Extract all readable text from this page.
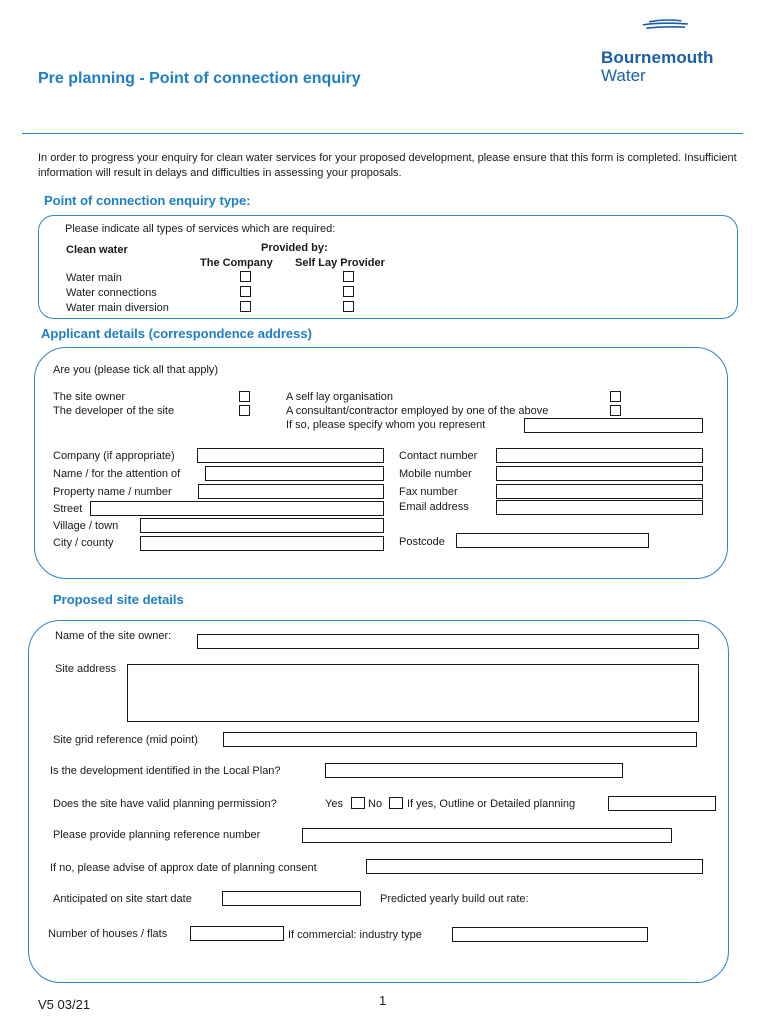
Pre planning - Point of connection enquiry
Bournemouth
Water
In order to progress your enquiry for clean water services for your proposed development, please ensure that this form is completed. Insufficient information will result in delays and difficulties in assessing your proposals.
Point of connection enquiry type:
Please indicate all types of services which are required:
Clean water	Provided by:
The Company Self Lay Provider
Water main
Water connections
Water main diversion
Applicant details (correspondence address)
Are you (please tick all that apply)
The site owner
The developer of the site
A self lay organisation
A consultant/contractor employed by one of the above
If so, please specify whom you represent
Company (if appropriate)
Name / for the attention of
Property name / number
Street
Village / town
City / county
Contact number
Mobile number
Fax number
Email address
Postcode
Proposed site details
Name of the site owner:
Site address
Site grid reference (mid point)
Is the development identified in the Local Plan?
Does the site have valid planning permission?	Yes No If yes, Outline or Detailed planning
Please provide planning reference number
If no, please advise of approx date of planning consent
Anticipated on site start date	Predicted yearly build out rate:
Number of houses / flats	If commercial: industry type
V5 03/21	1
